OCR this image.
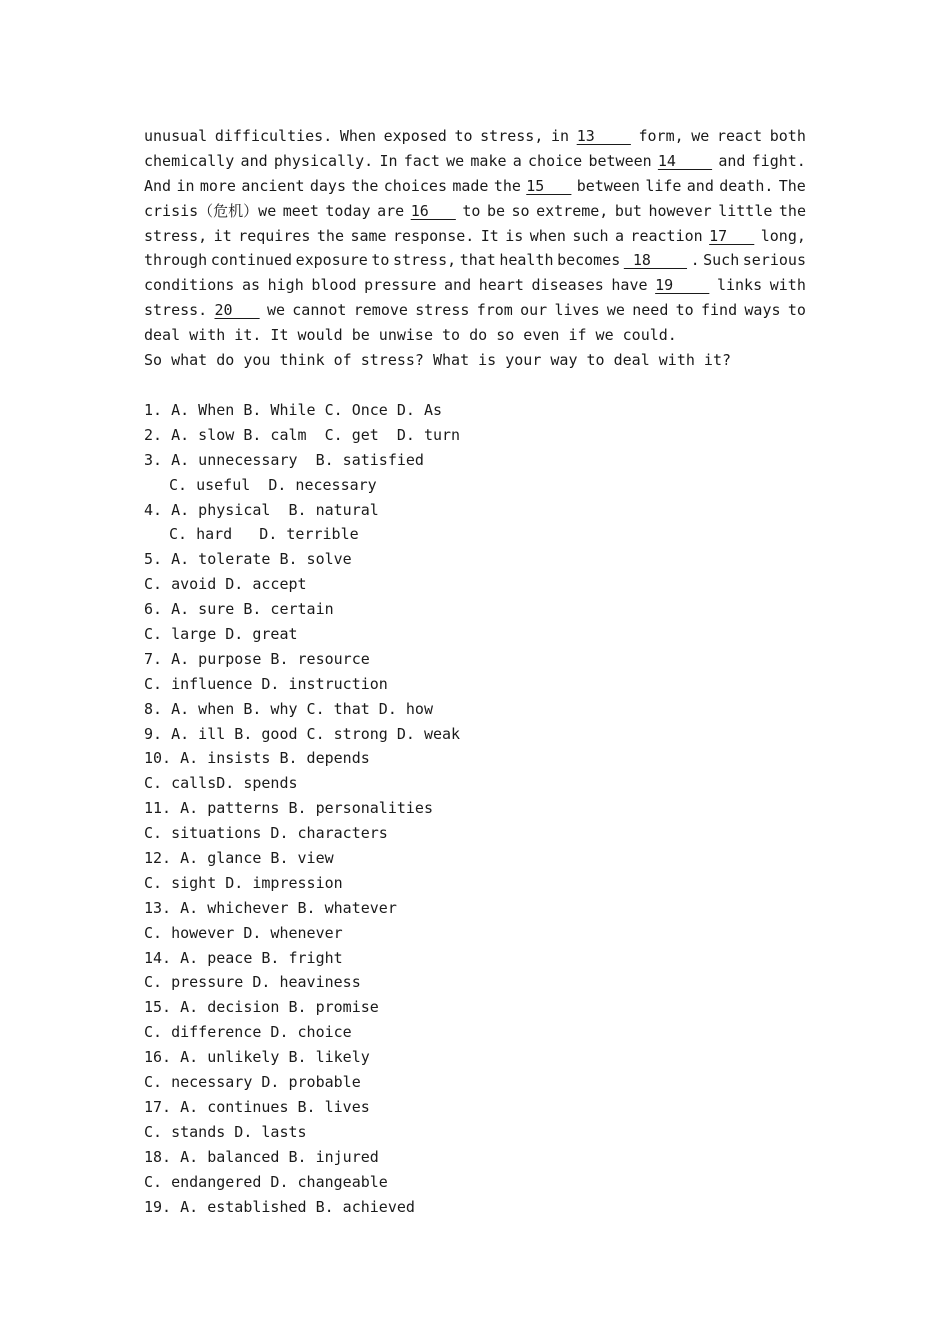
unusual difficulties. When exposed to stress, in 13 form, we react both
chemically and physically. In fact we make a choice between 14 and fight.
And in more ancient days the choices made the 15 between life and death. The
crisis（危机）we meet today are 16 to be so extreme, but however little the
stress, it requires the same response. It is when such a reaction 17 long,
through continued exposure to stress, that health becomes 18 . Such serious
conditions as high blood pressure and heart diseases have 19 links with
stress. 20 we cannot remove stress from our lives we need to find ways to
deal with it. It would be unwise to do so even if we could.
So what do you think of stress? What is your way to deal with it?
1. A. When B. While C. Once D. As
2. A. slow B. calm  C. get  D. turn
3. A. unnecessary  B. satisfied
C. useful  D. necessary
4. A. physical  B. natural
C. hard   D. terrible
5. A. tolerate B. solve
C. avoid D. accept
6. A. sure B. certain
C. large D. great
7. A. purpose B. resource
C. influence D. instruction
8. A. when B. why C. that D. how
9. A. ill B. good C. strong D. weak
10. A. insists B. depends
C. callsD. spends
11. A. patterns B. personalities
C. situations D. characters
12. A. glance B. view
C. sight D. impression
13. A. whichever B. whatever
C. however D. whenever
14. A. peace B. fright
C. pressure D. heaviness
15. A. decision B. promise
C. difference D. choice
16. A. unlikely B. likely
C. necessary D. probable
17. A. continues B. lives
C. stands D. lasts
18. A. balanced B. injured
C. endangered D. changeable
19. A. established B. achieved
